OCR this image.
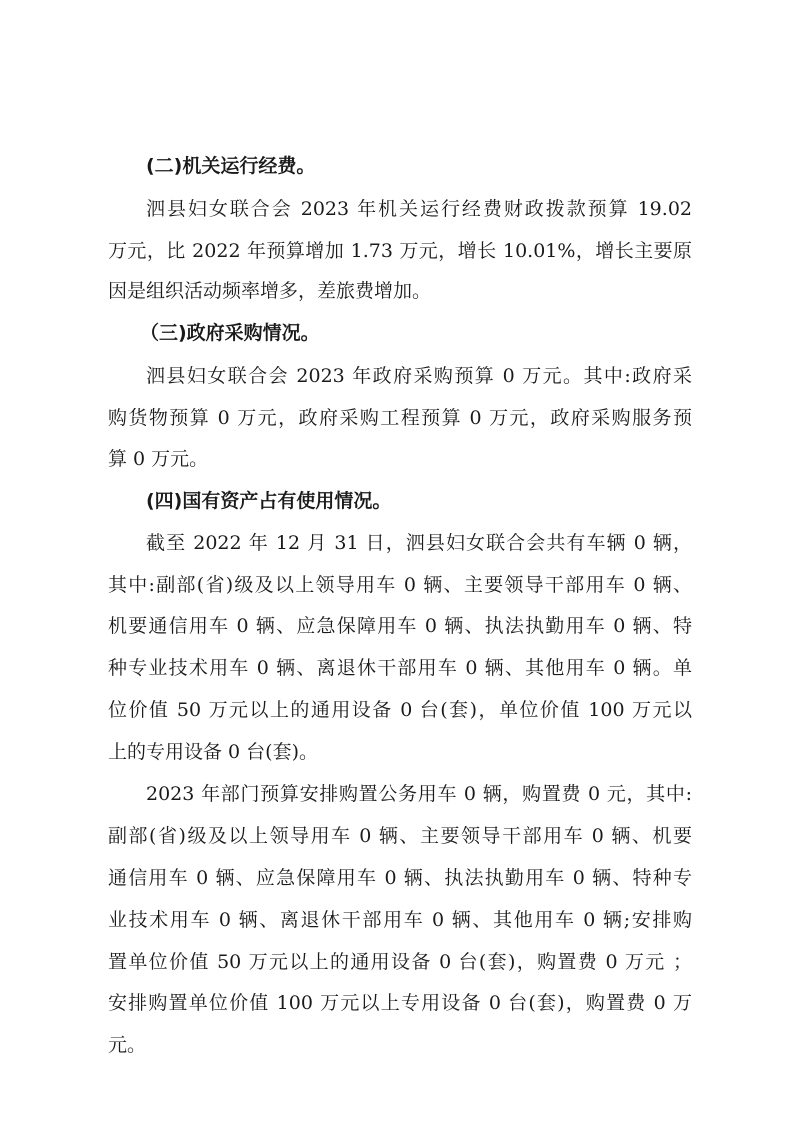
(二)机关运行经费。
泗县妇女联合会 2023 年机关运行经费财政拨款预算 19.02
万元，比 2022 年预算增加 1.73 万元，增长 10.01%，增长主要原
因是组织活动频率增多，差旅费增加。
（三)政府采购情况。
泗县妇女联合会 2023 年政府采购预算 0 万元。其中:政府采
购货物预算 0 万元，政府采购工程预算 0 万元，政府采购服务预
算 0 万元。
(四)国有资产占有使用情况。
截至 2022 年 12 月 31 日，泗县妇女联合会共有车辆 0 辆，
其中:副部(省)级及以上领导用车 0 辆、主要领导干部用车 0 辆、
机要通信用车 0 辆、应急保障用车 0 辆、执法执勤用车 0 辆、特
种专业技术用车 0 辆、离退休干部用车 0 辆、其他用车 0 辆。单
位价值 50 万元以上的通用设备 0 台(套)，单位价值 100 万元以
上的专用设备 0 台(套)。
2023 年部门预算安排购置公务用车 0 辆，购置费 0 元，其中:
副部(省)级及以上领导用车 0 辆、主要领导干部用车 0 辆、机要
通信用车 0 辆、应急保障用车 0 辆、执法执勤用车 0 辆、特种专
业技术用车 0 辆、离退休干部用车 0 辆、其他用车 0 辆;安排购
置单位价值 50 万元以上的通用设备 0 台(套)，购置费 0 万元 ；
安排购置单位价值 100 万元以上专用设备 0 台(套)，购置费 0 万
元。
